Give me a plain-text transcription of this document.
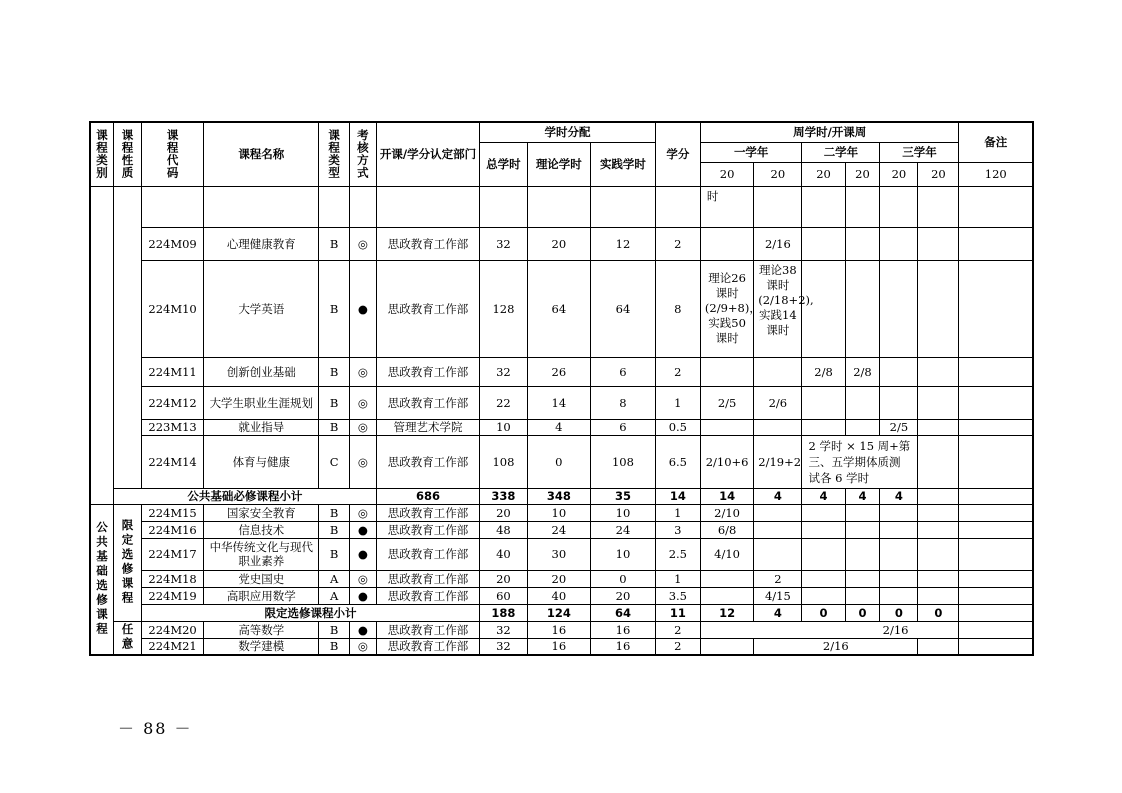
课程类别	课程性质	课程代码	课程名称	课程类型	考核方式	开课/学分认定部门	学时分配			学分	周学时/开课周						备注
							总学时	理论学时	实践学时		一学年		二学年		三学年		
											20	20	20	20	20	20	120
											时						
		224M09	心理健康教育	B	◎	思政教育工作部	32	20	12	2		2/16					
		224M10	大学英语	B	●	思政教育工作部	128	64	64	8	理论26课时(2/9+8)，实践50课时	理论38课时(2/18+2),实践14课时					
		224M11	创新创业基础	B	◎	思政教育工作部	32	26	6	2			2/8	2/8			
		224M12	大学生职业生涯规划	B	◎	思政教育工作部	22	14	8	1	2/5	2/6					
		223M13	就业指导	B	◎	管理艺术学院	10	4	6	0.5					2/5		
		224M14	体育与健康	C	◎	思政教育工作部	108	0	108	6.5	2/10+6	2/19+2	2 学时 × 15 周+第三、五学期体质测试各 6 学时				
	公共基础必修课程小计					686	338	348	35	14	14	4	4	4	4		

公共基础选修课程	限定选修课程	224M15	国家安全教育	B	◎	思政教育工作部	20	10	10	1	2/10						
		224M16	信息技术	B	●	思政教育工作部	48	24	24	3	6/8						
		224M17	中华传统文化与现代职业素养	B	●	思政教育工作部	40	30	10	2.5	4/10						
		224M18	党史国史	A	◎	思政教育工作部	20	20	0	1		2					
		224M19	高职应用数学	A	●	思政教育工作部	60	40	20	3.5		4/15					
		限定选修课程小计					188	124	64	11	12	4	0	0	0	0	

	任意	224M20	高等数学	B	●	思政教育工作部	32	16	16	2	2/16						
		224M21	数学建模	B	◎	思政教育工作部	32	16	16	2		2/16					
－ 88 －
